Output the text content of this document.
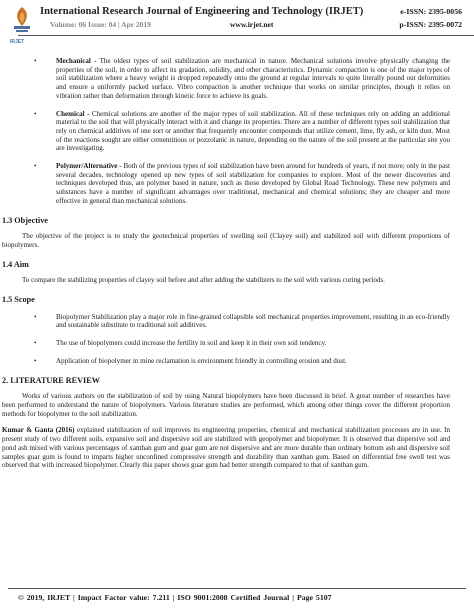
IRJET
International Research Journal of Engineering and Technology (IRJET)	e-ISSN: 2395-0056
Volume: 06 Issue: 04 | Apr 2019	www.irjet.net	p-ISSN: 2395-0072
•	Mechanical - The oldest types of soil stabilization are mechanical in nature. Mechanical solutions involve physically changing the properties of the soil, in order to affect its gradation, solidity, and other characteristics. Dynamic compaction is one of the major types of soil stabilization where a heavy weight is dropped repeatedly onto the ground at regular intervals to quite literally pound out deformities and ensure a uniformly packed surface. Vibro compaction is another technique that works on similar principles, though it relies on vibration rather than deformation through kinetic force to achieve its goals.
•	Chemical - Chemical solutions are another of the major types of soil stabilization. All of these techniques rely on adding an additional material to the soil that will physically interact with it and change its properties. There are a number of different types soil stabilization that rely on chemical additives of one sort or another that frequently encounter compounds that utilize cement, lime, fly ash, or kiln dust. Most of the reactions sought are either cementitious or pozzolanic in nature, depending on the nature of the soil present at the particular site you are investigating.
•	Polymer/Alternative - Both of the previous types of soil stabilization have been around for hundreds of years, if not more; only in the past several decades, technology opened up new types of soil stabilization for companies to explore. Most of the newer discoveries and techniques developed thus, are polymer based in nature, such as those developed by Global Road Technology. These new polymers and substances have a number of significant advantages over traditional, mechanical and chemical solutions; they are cheaper and more effective in general than mechanical solutions.
1.3 Objective
The objective of the project is to study the geotechnical properties of swelling soil (Clayey soil) and stabilized soil with different proportions of biopolymers.
1.4 Aim
To compare the stabilizing properties of clayey soil before and after adding the stabilizers to the soil with various curing periods.
1.5 Scope
•	Biopolymer Stabilization play a major role in fine-grained collapsible soil mechanical properties improvement, resulting in an eco-friendly and sustainable substitute to traditional soil additives.
•	The use of biopolymers could increase the fertility in soil and keep it in their own soil tendency.
•	Application of biopolymer in mine reclamation is environment friendly in controlling erosion and dust.
2. LITERATURE REVIEW
Works of various authors on the stabilization of soil by using Natural biopolymers have been discussed in brief. A great number of researches have been performed to understand the nature of biopolymers. Various literature studies are performed, which among other things cover the different proportion methods for biopolymer to the soil stabilization.
Kumar & Ganta (2016) explained stabilization of soil improves its engineering properties, chemical and mechanical stabilization processes are in use. In present study of two different soils, expansive soil and dispersive soil are stabilized with geopolymer and biopolymer. It is observed that dispersive soil and pond ash mixed with various percentages of xanthan gum and guar gum are not dispersive and are more durable than ordinary bottom ash and dispersive soil samples guar gum is found to imparts higher unconfined compressive strength and durability than xanthan gum. Based on differential free swell test was observed that with increased biopolymer. Clearly this paper shows guar gum had better strength compared to that of xanthan gum.
© 2019, IRJET | Impact Factor value: 7.211 | ISO 9001:2008 Certified Journal | Page 5107
